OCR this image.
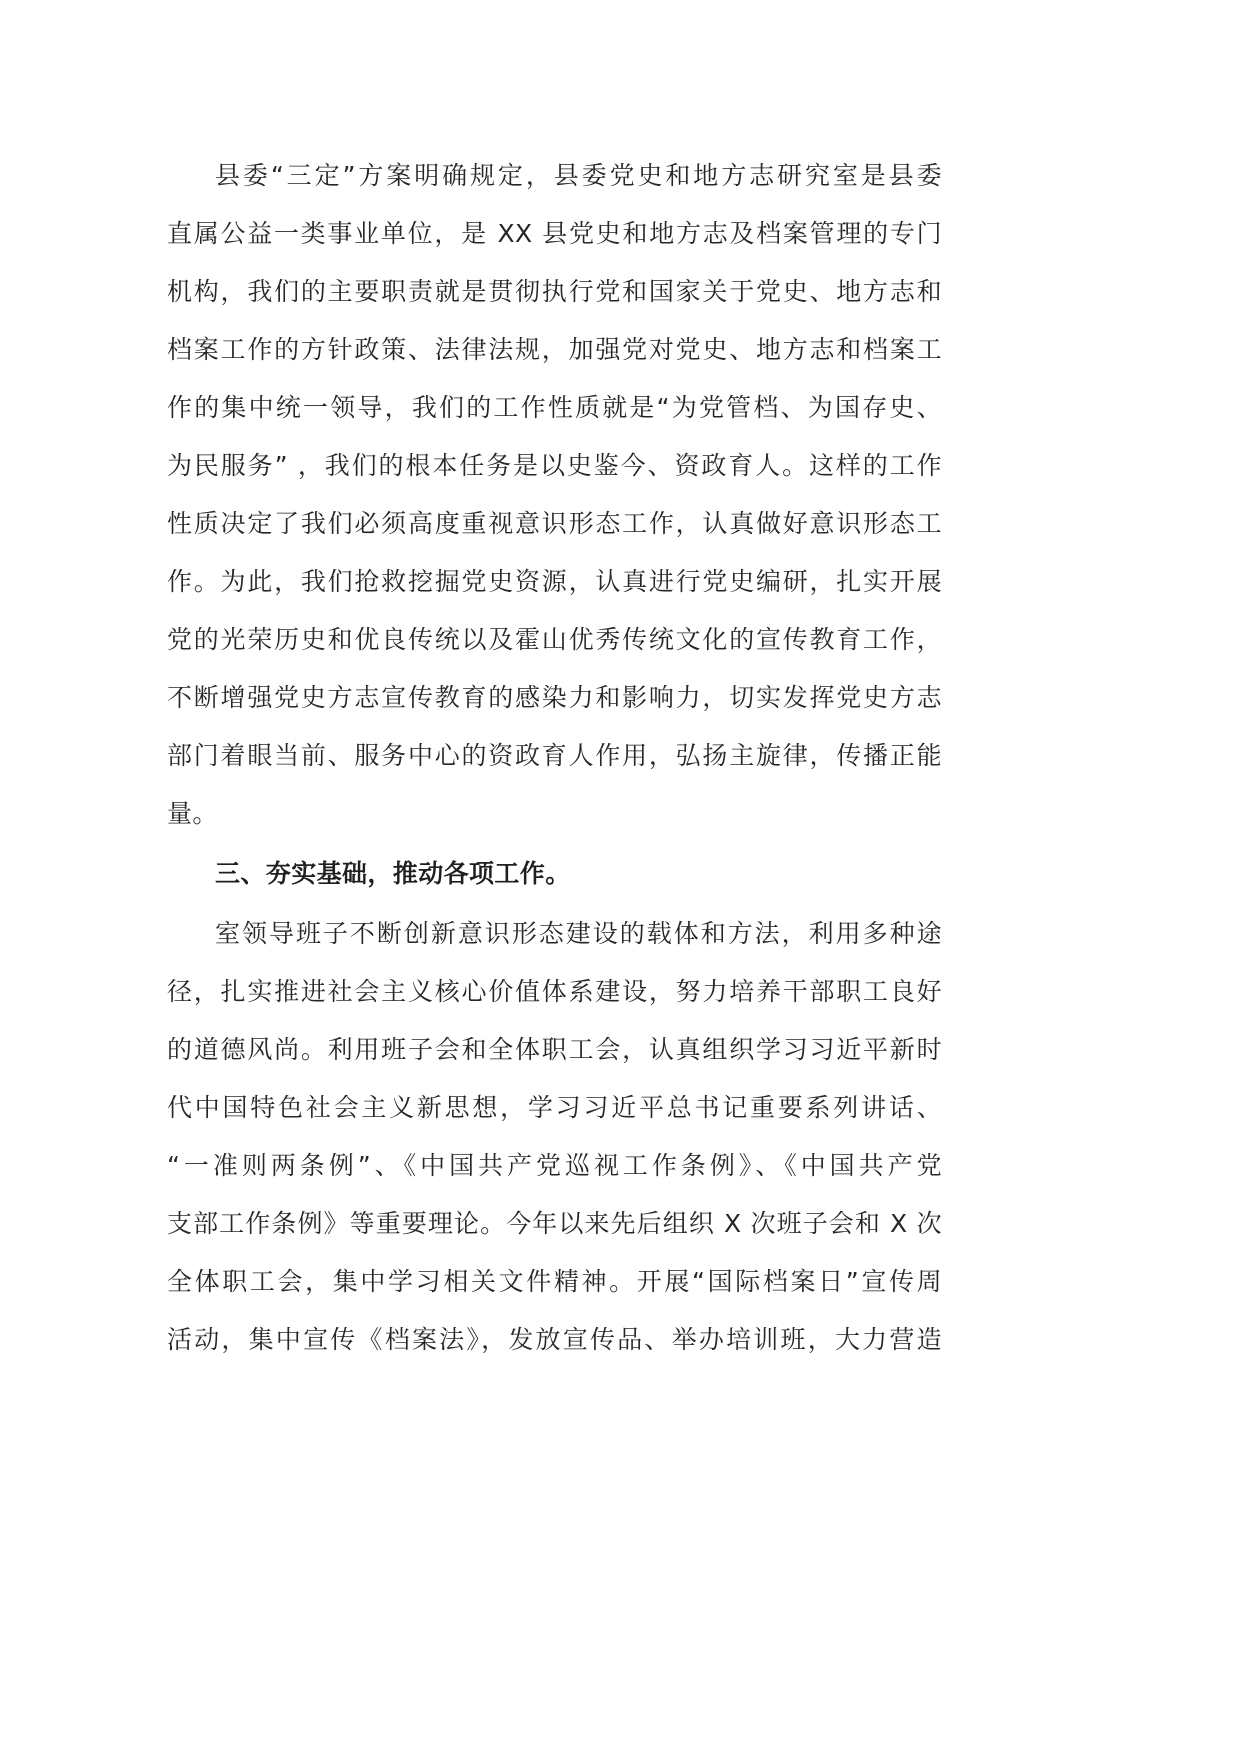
县委“三定”方案明确规定，县委党史和地方志研究室是县委
直属公益一类事业单位，是 XX 县党史和地方志及档案管理的专门
机构，我们的主要职责就是贯彻执行党和国家关于党史、地方志和
档案工作的方针政策、法律法规，加强党对党史、地方志和档案工
作的集中统一领导，我们的工作性质就是“为党管档、为国存史、
为民服务” ，我们的根本任务是以史鉴今、资政育人。这样的工作
性质决定了我们必须高度重视意识形态工作，认真做好意识形态工
作。为此，我们抢救挖掘党史资源，认真进行党史编研，扎实开展
党的光荣历史和优良传统以及霍山优秀传统文化的宣传教育工作，
不断增强党史方志宣传教育的感染力和影响力，切实发挥党史方志
部门着眼当前、服务中心的资政育人作用，弘扬主旋律，传播正能
量。
三、夯实基础，推动各项工作。
室领导班子不断创新意识形态建设的载体和方法，利用多种途
径，扎实推进社会主义核心价值体系建设，努力培养干部职工良好
的道德风尚。利用班子会和全体职工会，认真组织学习习近平新时
代中国特色社会主义新思想，学习习近平总书记重要系列讲话、
“一准则两条例”、《中国共产党巡视工作条例》、《中国共产党
支部工作条例》等重要理论。今年以来先后组织 X 次班子会和 X 次
全体职工会，集中学习相关文件精神。开展“国际档案日”宣传周
活动，集中宣传《档案法》，发放宣传品、举办培训班，大力营造
